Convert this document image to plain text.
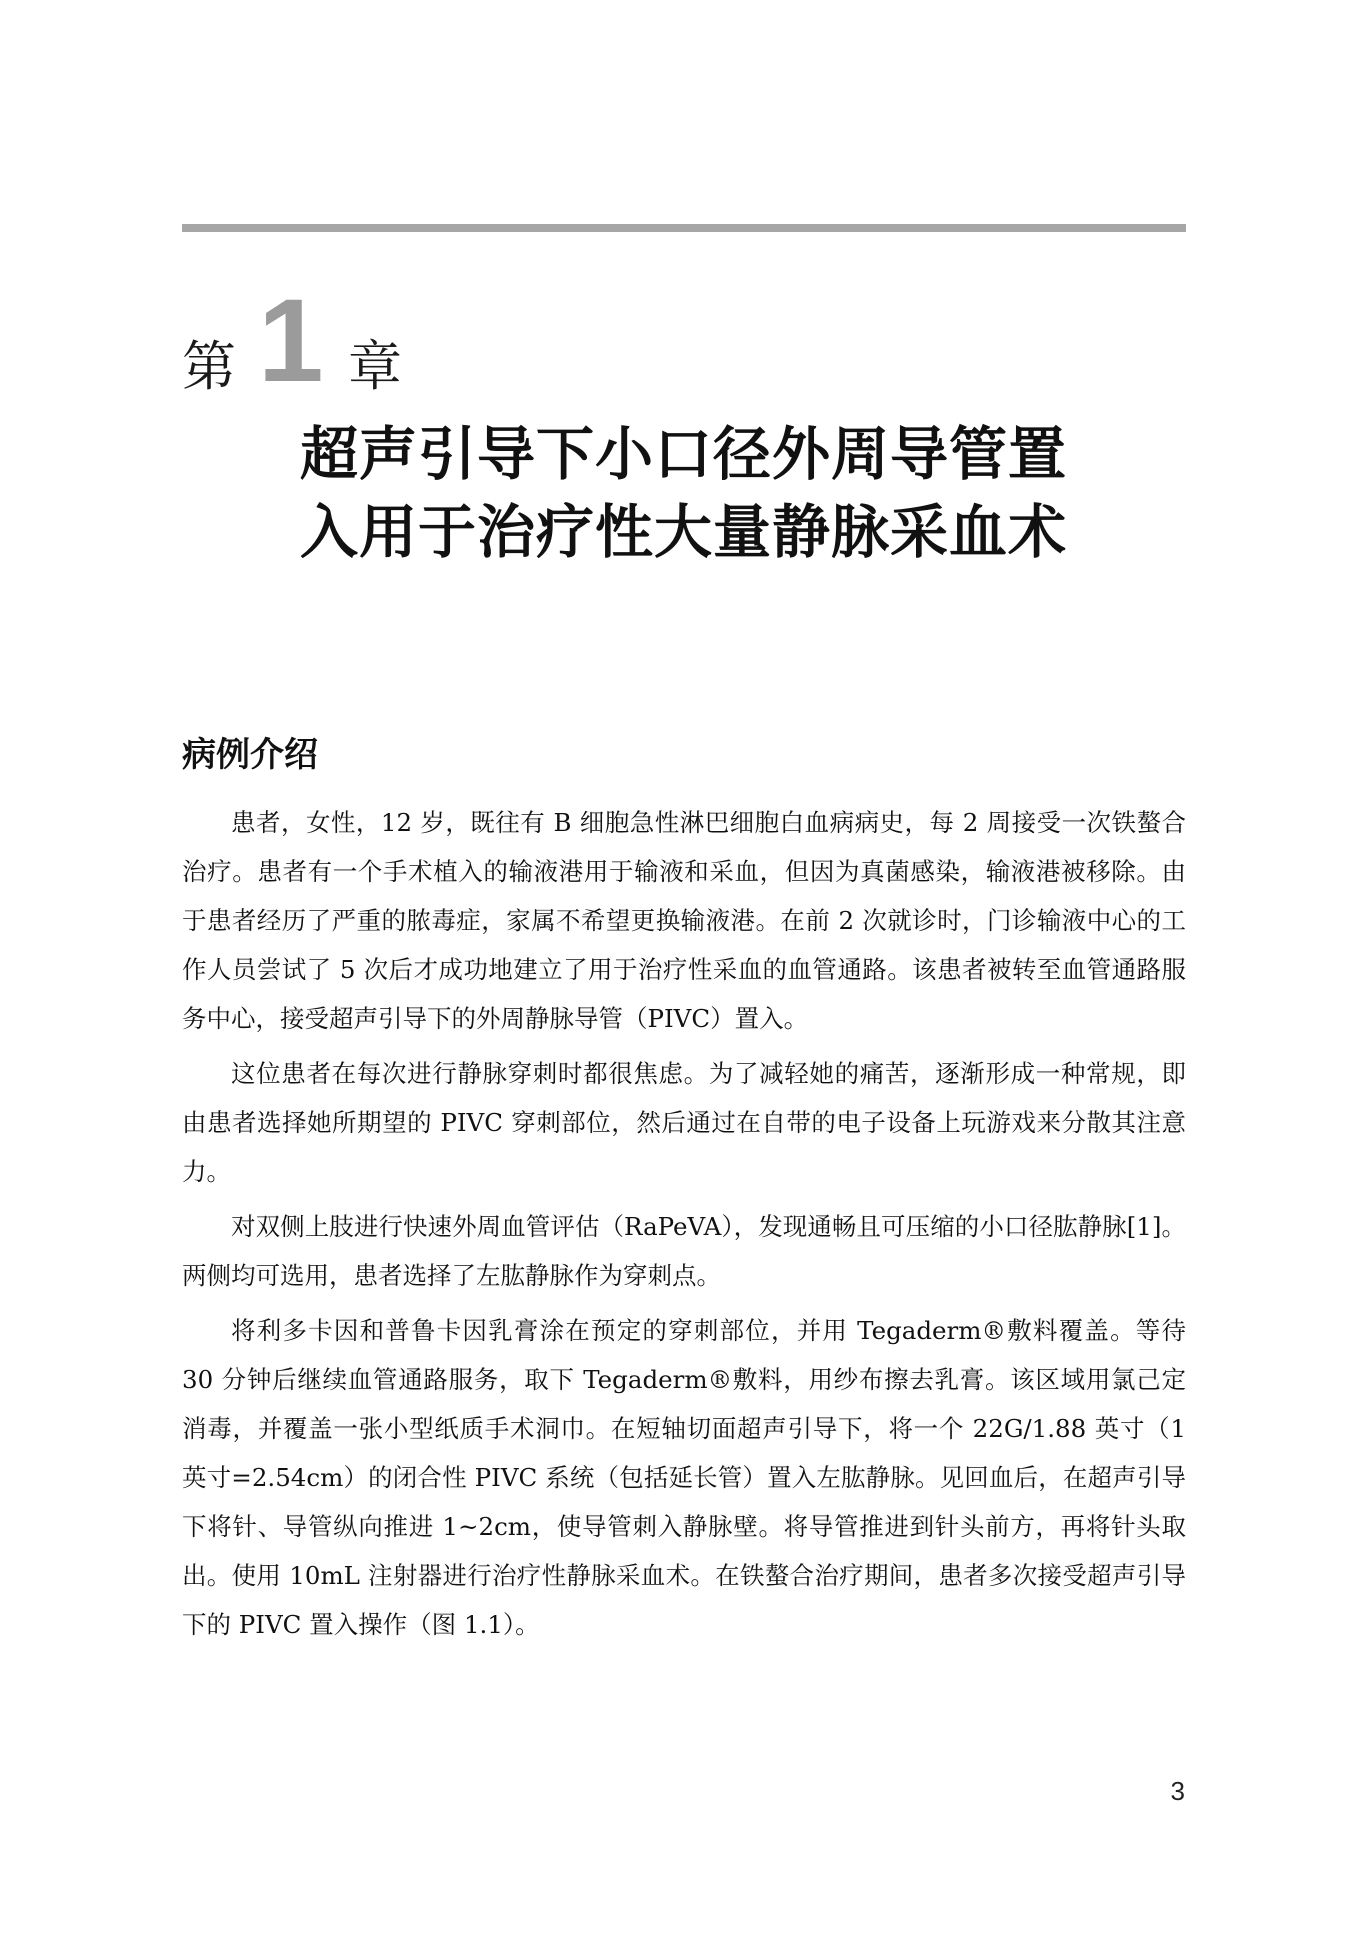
第 1 章
超声引导下小口径外周导管置
入用于治疗性大量静脉采血术
病例介绍

患者，女性，12 岁，既往有 B 细胞急性淋巴细胞白血病病史，每 2 周接受一次铁螯合治疗。患者有一个手术植入的输液港用于输液和采血，但因为真菌感染，输液港被移除。由于患者经历了严重的脓毒症，家属不希望更换输液港。在前 2 次就诊时，门诊输液中心的工作人员尝试了 5 次后才成功地建立了用于治疗性采血的血管通路。该患者被转至血管通路服务中心，接受超声引导下的外周静脉导管（PIVC）置入。

这位患者在每次进行静脉穿刺时都很焦虑。为了减轻她的痛苦，逐渐形成一种常规，即由患者选择她所期望的 PIVC 穿刺部位，然后通过在自带的电子设备上玩游戏来分散其注意力。

对双侧上肢进行快速外周血管评估（RaPeVA），发现通畅且可压缩的小口径肱静脉[1]。两侧均可选用，患者选择了左肱静脉作为穿刺点。

将利多卡因和普鲁卡因乳膏涂在预定的穿刺部位，并用 Tegaderm®敷料覆盖。等待 30 分钟后继续血管通路服务，取下 Tegaderm®敷料，用纱布擦去乳膏。该区域用氯己定消毒，并覆盖一张小型纸质手术洞巾。在短轴切面超声引导下，将一个 22G/1.88 英寸（1 英寸=2.54cm）的闭合性 PIVC 系统（包括延长管）置入左肱静脉。见回血后，在超声引导下将针、导管纵向推进 1~2cm，使导管刺入静脉壁。将导管推进到针头前方，再将针头取出。使用 10mL 注射器进行治疗性静脉采血术。在铁螯合治疗期间，患者多次接受超声引导下的 PIVC 置入操作（图 1.1）。

3
